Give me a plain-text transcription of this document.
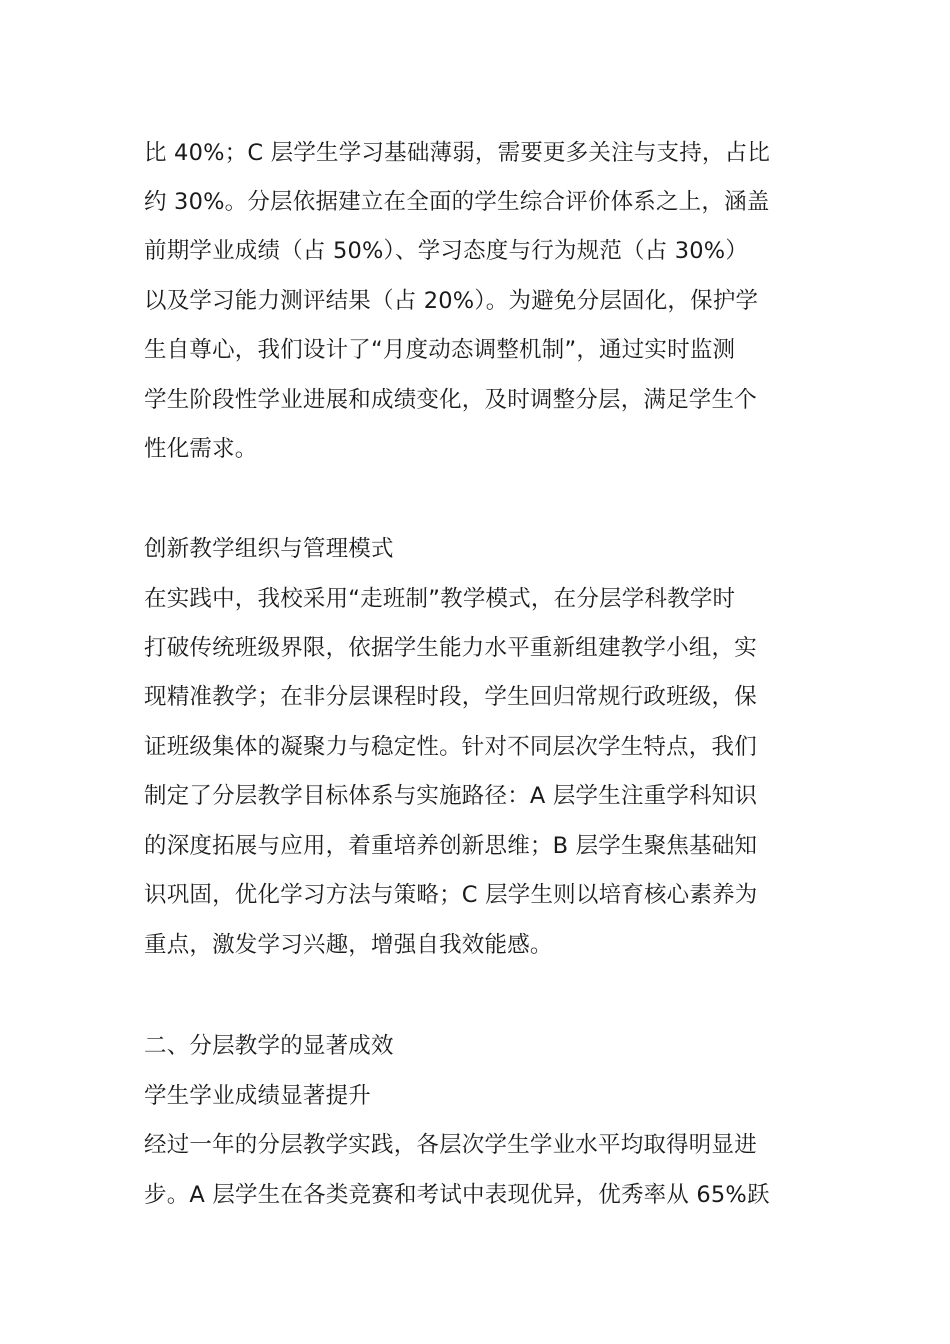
比 40%；C 层学生学习基础薄弱，需要更多关注与支持，占比
约 30%。分层依据建立在全面的学生综合评价体系之上，涵盖
前期学业成绩（占 50%）、学习态度与行为规范（占 30%）
以及学习能力测评结果（占 20%）。为避免分层固化，保护学
生自尊心，我们设计了“月度动态调整机制”，通过实时监测
学生阶段性学业进展和成绩变化，及时调整分层，满足学生个
性化需求。
创新教学组织与管理模式
在实践中，我校采用“走班制”教学模式，在分层学科教学时
打破传统班级界限，依据学生能力水平重新组建教学小组，实
现精准教学；在非分层课程时段，学生回归常规行政班级，保
证班级集体的凝聚力与稳定性。针对不同层次学生特点，我们
制定了分层教学目标体系与实施路径：A 层学生注重学科知识
的深度拓展与应用，着重培养创新思维；B 层学生聚焦基础知
识巩固，优化学习方法与策略；C 层学生则以培育核心素养为
重点，激发学习兴趣，增强自我效能感。
二、分层教学的显著成效
学生学业成绩显著提升
经过一年的分层教学实践，各层次学生学业水平均取得明显进
步。A 层学生在各类竞赛和考试中表现优异，优秀率从 65%跃
